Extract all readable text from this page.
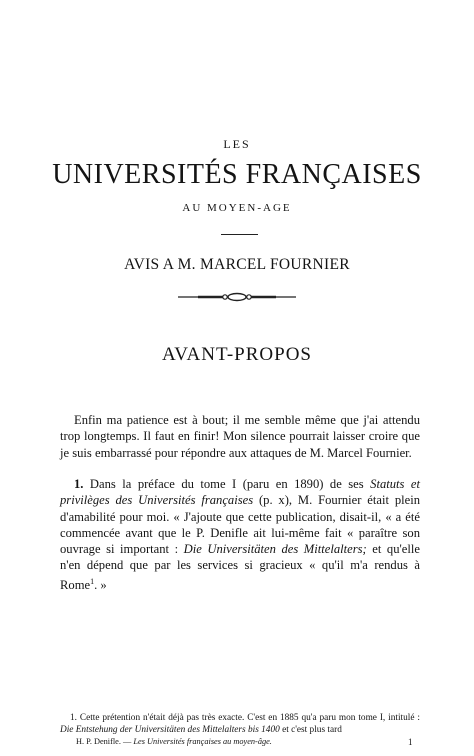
LES
UNIVERSITÉS FRANÇAISES
AU MOYEN-AGE
AVIS A M. MARCEL FOURNIER
AVANT-PROPOS

Enfin ma patience est à bout; il me semble même que j'ai attendu trop longtemps. Il faut en finir! Mon silence pourrait laisser croire que je suis embarrassé pour répondre aux attaques de M. Marcel Fournier.

1. Dans la préface du tome I (paru en 1890) de ses Statuts et privilèges des Universités françaises (p. x), M. Fournier était plein d'amabilité pour moi. « J'ajoute que cette publication, disait-il, « a été commencée avant que le P. Denifle ait lui-même fait « paraître son ouvrage si important : Die Universitäten des Mittelalters; et qu'elle n'en dépend que par les services si gracieux « qu'il m'a rendus à Rome$^1$. »

1. Cette prétention n'était déjà pas très exacte. C'est en 1885 qu'a paru mon tome I, intitulé : Die Entstehung der Universitäten des Mittelalters bis 1400 et c'est plus tard

H. P. Denifle. — Les Universités françaises au moyen-âge.	1
